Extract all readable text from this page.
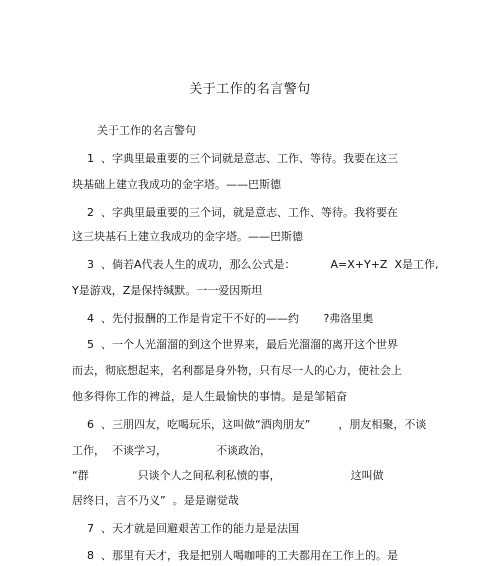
关于工作的名言警句
关于工作的名言警句
1  、字典里最重要的三个词就是意志、工作、等待。我要在这三
块基础上建立我成功的金字塔。——巴斯德
2  、字典里最重要的三个词，就是意志、工作、等待。我将要在
这三块基石上建立我成功的金字塔。——巴斯德
3  、倘若A代表人生的成功，那么公式是：          A=X+Y+Z  X是工作,
Y是游戏，Z是保持缄默。一一爱因斯坦
4  、先付报酬的工作是肯定干不好的——约       ?弗洛里奥
5  、一个人光溜溜的到这个世界来，最后光溜溜的离开这个世界
而去，彻底想起来，名利都是身外物，只有尽一人的心力，使社会上
他多得你工作的裨益，是人生最愉快的事情。是是邹韬奋
6  、三朋四友，吃喝玩乐，这叫做“酒肉朋友”        ，朋友相聚，不谈
工作，  不谈学习，              不谈政治，
“群              只谈个人之间私利私愤的事，                    这叫做
居终日，言不乃义”  。是是谢觉哉
7  、天才就是回避艰苦工作的能力是是法国
8  、那里有天才，我是把别人喝咖啡的工夫都用在工作上的。是
